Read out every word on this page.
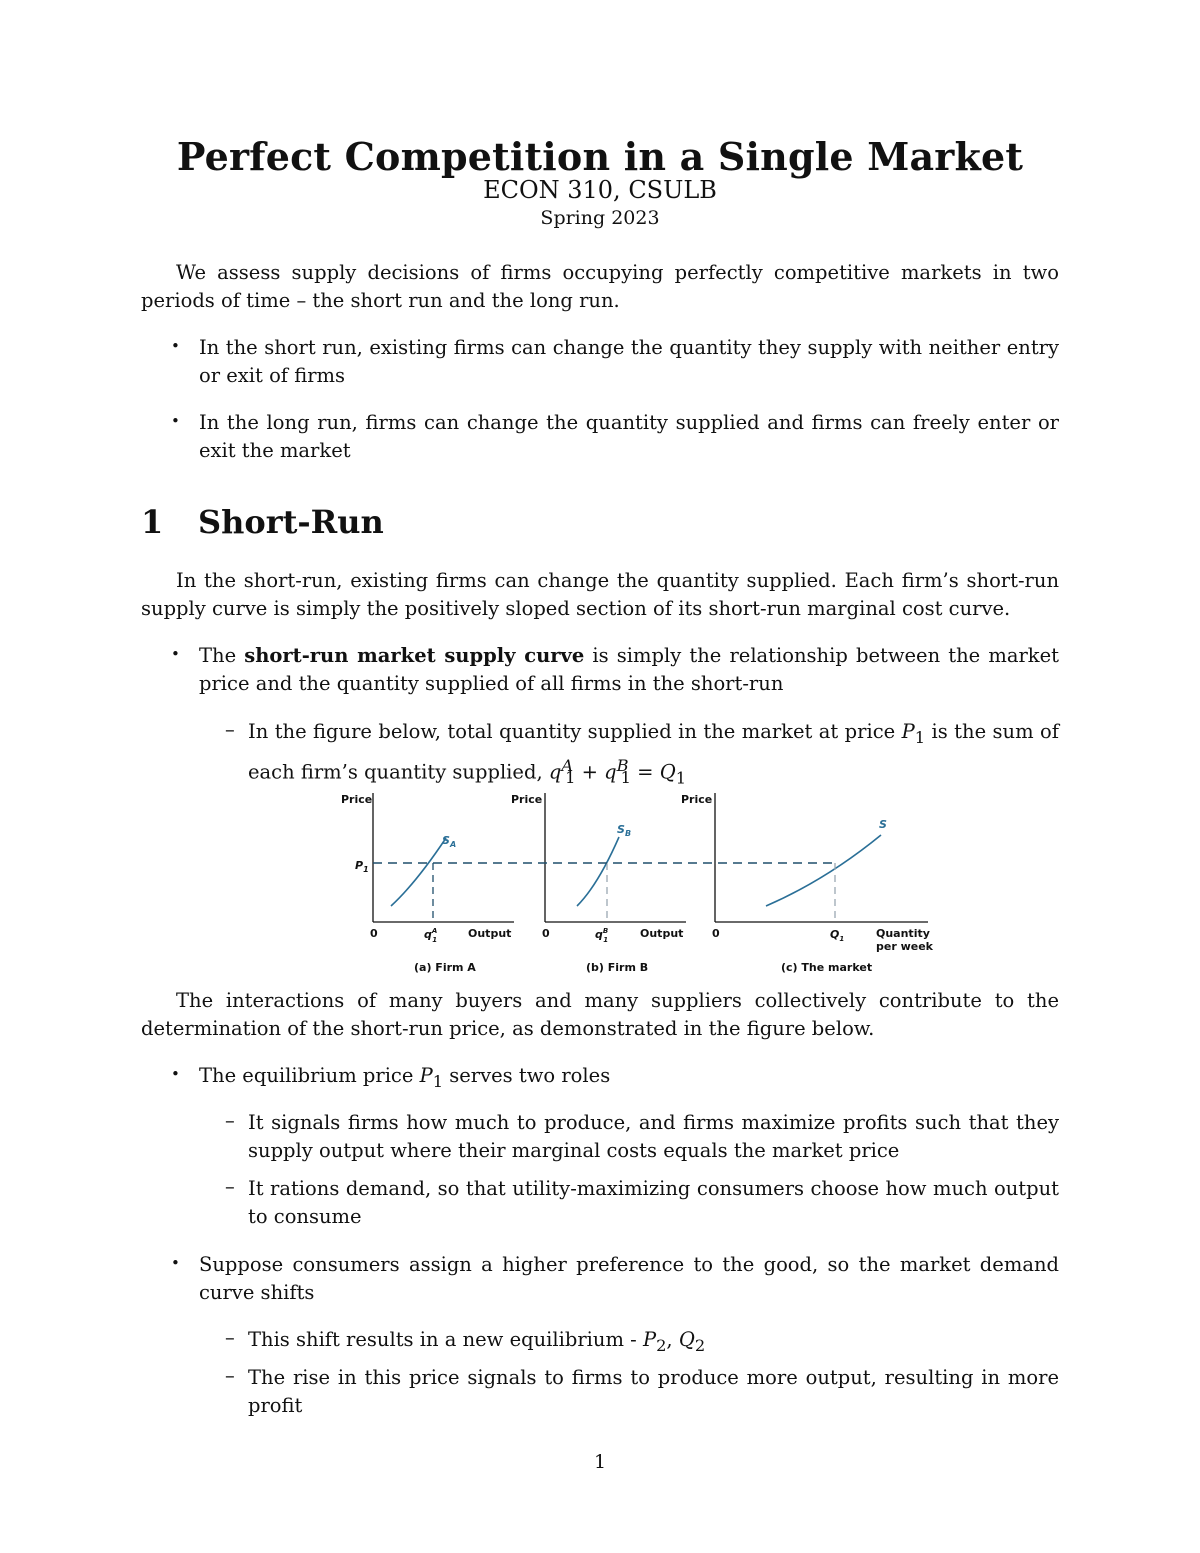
Perfect Competition in a Single Market
ECON 310, CSULB
Spring 2023
We assess supply decisions of firms occupying perfectly competitive markets in two periods of time – the short run and the long run.
• In the short run, existing firms can change the quantity they supply with neither entry or exit of firms
• In the long run, firms can change the quantity supplied and firms can freely enter or exit the market
1 Short-Run
In the short-run, existing firms can change the quantity supplied. Each firm’s short-run supply curve is simply the positively sloped section of its short-run marginal cost curve.
• The short-run market supply curve is simply the relationship between the market price and the quantity supplied of all firms in the short-run
– In the figure below, total quantity supplied in the market at price $P_1$ is the sum of each firm’s quantity supplied, $q^A_1 + q^B_1 = Q_1$
Price
$P_1$
0	$q^A$ 1	Output
$S_A$
(a) Firm A
Price
0	$q^B$ 1	Output
$S_B$
(b) Firm B
Price
0	$Q_1$	Quantity
per week
S
(c) The market
The interactions of many buyers and many suppliers collectively contribute to the determination of the short-run price, as demonstrated in the figure below.
• The equilibrium price $P_1$ serves two roles
– It signals firms how much to produce, and firms maximize profits such that they supply output where their marginal costs equals the market price
– It rations demand, so that utility-maximizing consumers choose how much output to consume
• Suppose consumers assign a higher preference to the good, so the market demand curve shifts
– This shift results in a new equilibrium - $P_2$, $Q_2$
– The rise in this price signals to firms to produce more output, resulting in more profit
1
